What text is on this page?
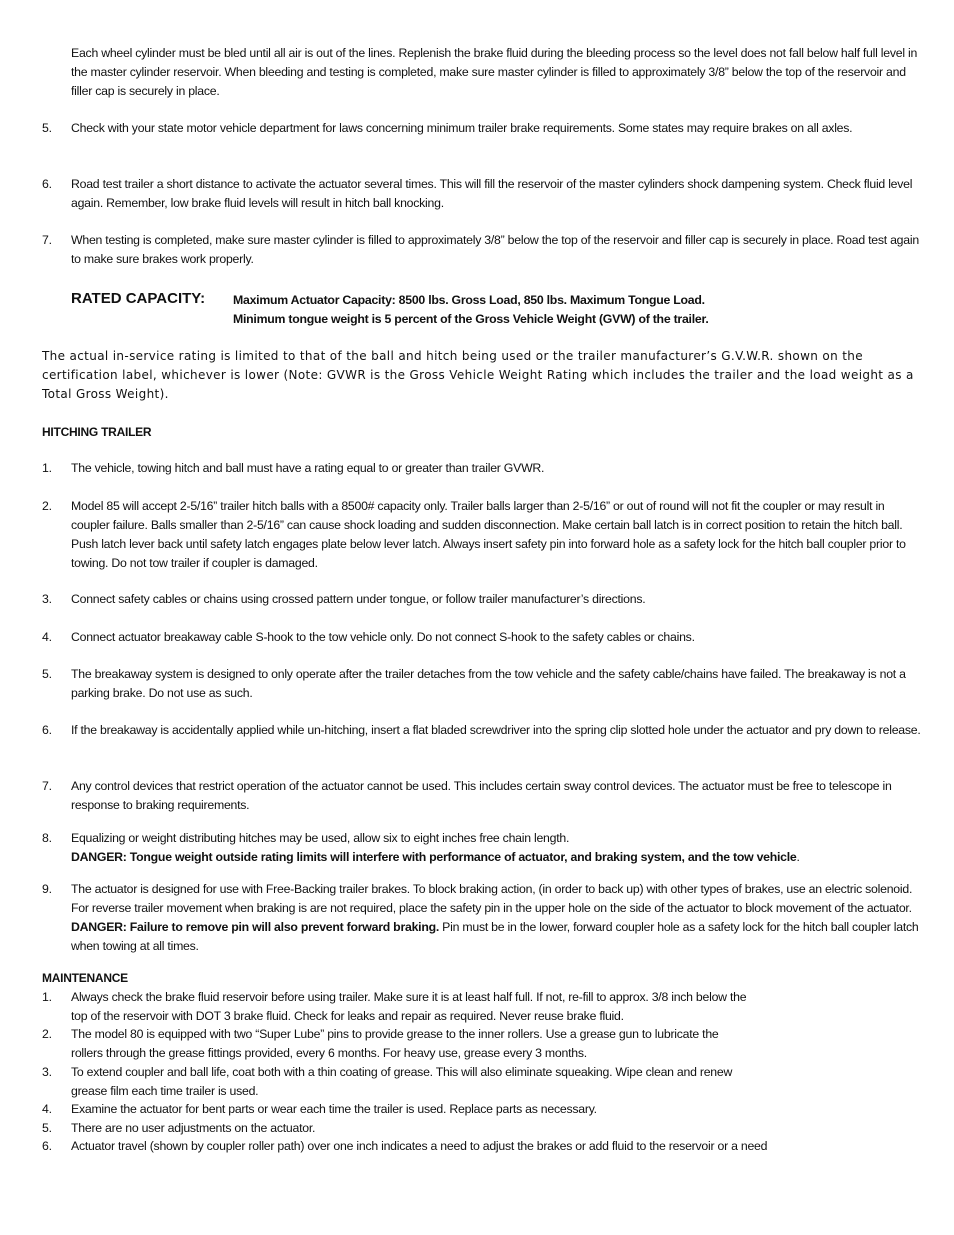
Each wheel cylinder must be bled until all air is out of the lines. Replenish the brake fluid during the bleeding process so the level does not fall below half full level in the master cylinder reservoir. When bleeding and testing is completed, make sure master cylinder is filled to approximately 3/8” below the top of the reservoir and filler cap is securely in place.
5. Check with your state motor vehicle department for laws concerning minimum trailer brake requirements. Some states may require brakes on all axles.
6. Road test trailer a short distance to activate the actuator several times. This will fill the reservoir of the master cylinders shock dampening system. Check fluid level again. Remember, low brake fluid levels will result in hitch ball knocking.
7. When testing is completed, make sure master cylinder is filled to approximately 3/8” below the top of the reservoir and filler cap is securely in place. Road test again to make sure brakes work properly.
RATED CAPACITY: Maximum Actuator Capacity: 8500 lbs. Gross Load, 850 lbs. Maximum Tongue Load.
Minimum tongue weight is 5 percent of the Gross Vehicle Weight (GVW) of the trailer.
The actual in-service rating is limited to that of the ball and hitch being used or the trailer manufacturer’s G.V.W.R. shown on the certification label, whichever is lower (Note: GVWR is the Gross Vehicle Weight Rating which includes the trailer and the load weight as a Total Gross Weight).
HITCHING TRAILER
1. The vehicle, towing hitch and ball must have a rating equal to or greater than trailer GVWR.
2. Model 85 will accept 2-5/16” trailer hitch balls with a 8500# capacity only. Trailer balls larger than 2-5/16” or out of round will not fit the coupler or may result in coupler failure. Balls smaller than 2-5/16” can cause shock loading and sudden disconnection. Make certain ball latch is in correct position to retain the hitch ball. Push latch lever back until safety latch engages plate below lever latch. Always insert safety pin into forward hole as a safety lock for the hitch ball coupler prior to towing. Do not tow trailer if coupler is damaged.
3. Connect safety cables or chains using crossed pattern under tongue, or follow trailer manufacturer’s directions.
4. Connect actuator breakaway cable S-hook to the tow vehicle only. Do not connect S-hook to the safety cables or chains.
5. The breakaway system is designed to only operate after the trailer detaches from the tow vehicle and the safety cable/chains have failed. The breakaway is not a parking brake. Do not use as such.
6. If the breakaway is accidentally applied while un-hitching, insert a flat bladed screwdriver into the spring clip slotted hole under the actuator and pry down to release.
7. Any control devices that restrict operation of the actuator cannot be used. This includes certain sway control devices. The actuator must be free to telescope in response to braking requirements.
8. Equalizing or weight distributing hitches may be used, allow six to eight inches free chain length.
DANGER: Tongue weight outside rating limits will interfere with performance of actuator, and braking system, and the tow vehicle.
9. The actuator is designed for use with Free-Backing trailer brakes. To block braking action, (in order to back up) with other types of brakes, use an electric solenoid. For reverse trailer movement when braking is are not required, place the safety pin in the upper hole on the side of the actuator to block movement of the actuator. DANGER: Failure to remove pin will also prevent forward braking. Pin must be in the lower, forward coupler hole as a safety lock for the hitch ball coupler latch when towing at all times.
MAINTENANCE
1. Always check the brake fluid reservoir before using trailer. Make sure it is at least half full. If not, re-fill to approx. 3/8 inch below the
top of the reservoir with DOT 3 brake fluid. Check for leaks and repair as required. Never reuse brake fluid.
2. The model 80 is equipped with two “Super Lube” pins to provide grease to the inner rollers. Use a grease gun to lubricate the
rollers through the grease fittings provided, every 6 months. For heavy use, grease every 3 months.
3. To extend coupler and ball life, coat both with a thin coating of grease. This will also eliminate squeaking. Wipe clean and renew
grease film each time trailer is used.
4. Examine the actuator for bent parts or wear each time the trailer is used. Replace parts as necessary.
5. There are no user adjustments on the actuator.
6. Actuator travel (shown by coupler roller path) over one inch indicates a need to adjust the brakes or add fluid to the reservoir or a need
